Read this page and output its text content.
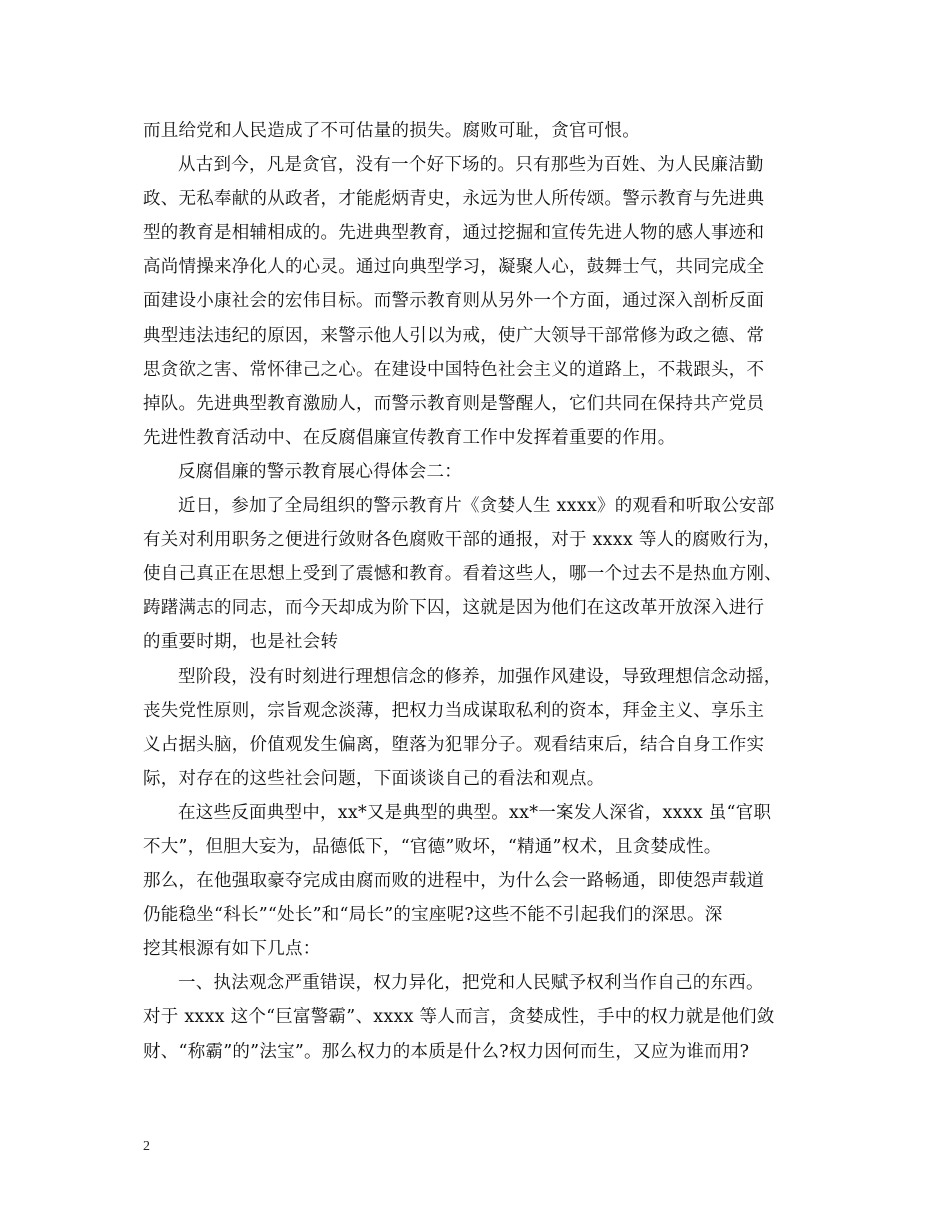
而且给党和人民造成了不可估量的损失。腐败可耻，贪官可恨。
从古到今，凡是贪官，没有一个好下场的。只有那些为百姓、为人民廉洁勤
政、无私奉献的从政者，才能彪炳青史，永远为世人所传颂。警示教育与先进典
型的教育是相辅相成的。先进典型教育，通过挖掘和宣传先进人物的感人事迹和
高尚情操来净化人的心灵。通过向典型学习，凝聚人心，鼓舞士气，共同完成全
面建设小康社会的宏伟目标。而警示教育则从另外一个方面，通过深入剖析反面
典型违法违纪的原因，来警示他人引以为戒，使广大领导干部常修为政之德、常
思贪欲之害、常怀律己之心。在建设中国特色社会主义的道路上，不栽跟头，不
掉队。先进典型教育激励人，而警示教育则是警醒人，它们共同在保持共产党员
先进性教育活动中、在反腐倡廉宣传教育工作中发挥着重要的作用。
反腐倡廉的警示教育展心得体会二：
近日，参加了全局组织的警示教育片《贪婪人生 xxxx》的观看和听取公安部
有关对利用职务之便进行敛财各色腐败干部的通报，对于 xxxx 等人的腐败行为，
使自己真正在思想上受到了震憾和教育。看着这些人，哪一个过去不是热血方刚、
踌躇满志的同志，而今天却成为阶下囚，这就是因为他们在这改革开放深入进行
的重要时期，也是社会转
型阶段，没有时刻进行理想信念的修养，加强作风建设，导致理想信念动摇，
丧失党性原则，宗旨观念淡薄，把权力当成谋取私利的资本，拜金主义、享乐主
义占据头脑，价值观发生偏离，堕落为犯罪分子。观看结束后，结合自身工作实
际，对存在的这些社会问题，下面谈谈自己的看法和观点。
在这些反面典型中，xx*又是典型的典型。xx*一案发人深省，xxxx 虽“官职
不大”，但胆大妄为，品德低下，“官德”败坏，“精通”权术，且贪婪成性。
那么，在他强取豪夺完成由腐而败的进程中，为什么会一路畅通，即使怨声载道
仍能稳坐“科长”“处长”和“局长”的宝座呢?这些不能不引起我们的深思。深
挖其根源有如下几点：
一、执法观念严重错误，权力异化，把党和人民赋予权利当作自己的东西。
对于 xxxx 这个“巨富警霸”、xxxx 等人而言，贪婪成性，手中的权力就是他们敛
财、“称霸”的”法宝”。那么权力的本质是什么?权力因何而生，又应为谁而用?
2
